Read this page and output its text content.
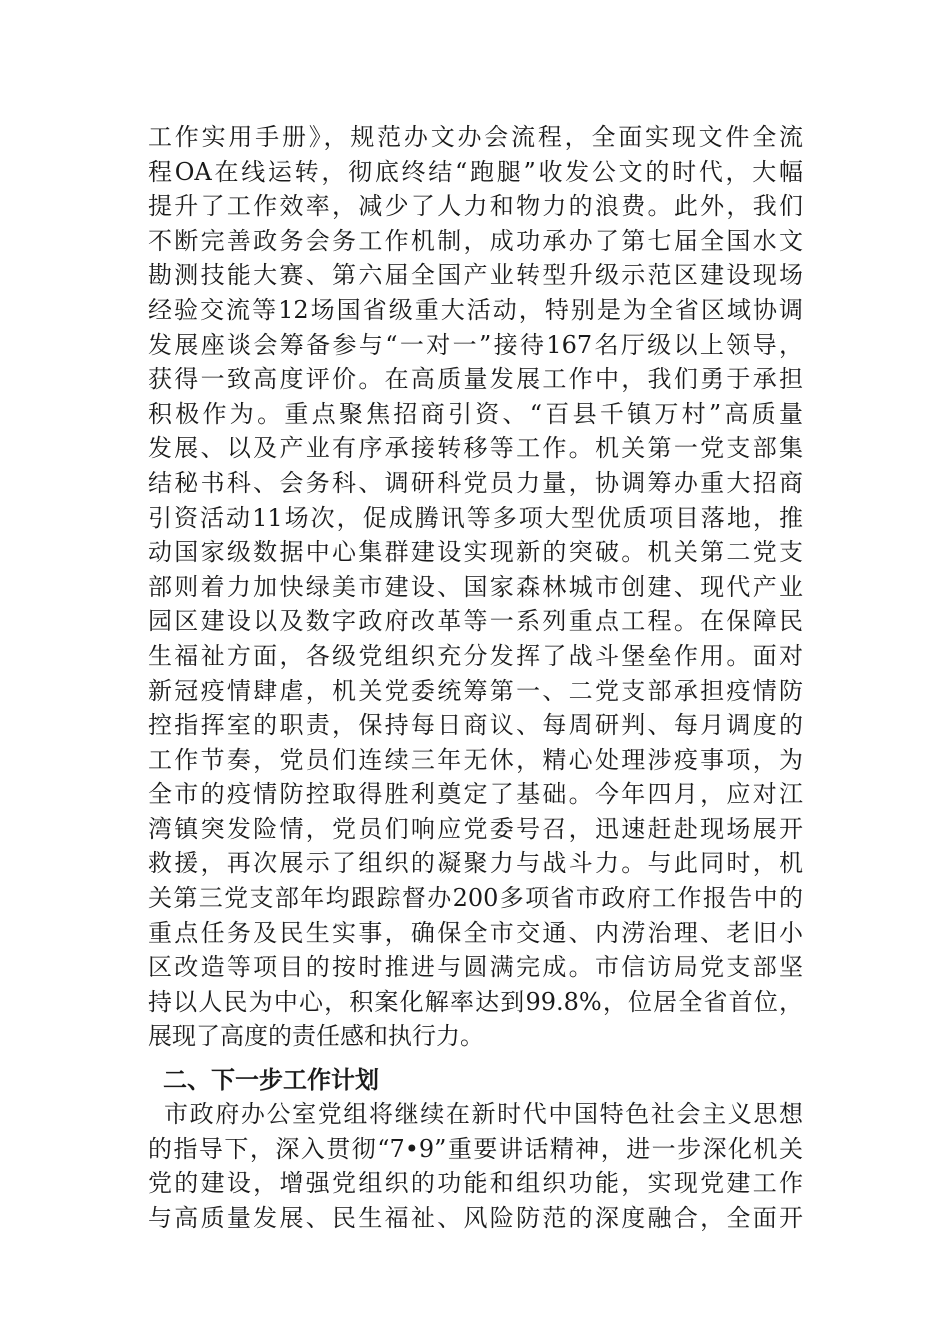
工作实用手册》，规范办文办会流程，全面实现文件全流
程OA在线运转，彻底终结“跑腿”收发公文的时代，大幅
提升了工作效率，减少了人力和物力的浪费。此外，我们
不断完善政务会务工作机制，成功承办了第七届全国水文
勘测技能大赛、第六届全国产业转型升级示范区建设现场
经验交流等12场国省级重大活动，特别是为全省区域协调
发展座谈会筹备参与“一对一”接待167名厅级以上领导，
获得一致高度评价。在高质量发展工作中，我们勇于承担
积极作为。重点聚焦招商引资、“百县千镇万村”高质量
发展、以及产业有序承接转移等工作。机关第一党支部集
结秘书科、会务科、调研科党员力量，协调筹办重大招商
引资活动11场次，促成腾讯等多项大型优质项目落地，推
动国家级数据中心集群建设实现新的突破。机关第二党支
部则着力加快绿美市建设、国家森林城市创建、现代产业
园区建设以及数字政府改革等一系列重点工程。在保障民
生福祉方面，各级党组织充分发挥了战斗堡垒作用。面对
新冠疫情肆虐，机关党委统筹第一、二党支部承担疫情防
控指挥室的职责，保持每日商议、每周研判、每月调度的
工作节奏，党员们连续三年无休，精心处理涉疫事项，为
全市的疫情防控取得胜利奠定了基础。今年四月，应对江
湾镇突发险情，党员们响应党委号召，迅速赶赴现场展开
救援，再次展示了组织的凝聚力与战斗力。与此同时，机
关第三党支部年均跟踪督办200多项省市政府工作报告中的
重点任务及民生实事，确保全市交通、内涝治理、老旧小
区改造等项目的按时推进与圆满完成。市信访局党支部坚
持以人民为中心，积案化解率达到99.8%，位居全省首位，
展现了高度的责任感和执行力。
二、下一步工作计划
市政府办公室党组将继续在新时代中国特色社会主义思想
的指导下，深入贯彻“7•9”重要讲话精神，进一步深化机关
党的建设，增强党组织的功能和组织功能，实现党建工作
与高质量发展、民生福祉、风险防范的深度融合，全面开
